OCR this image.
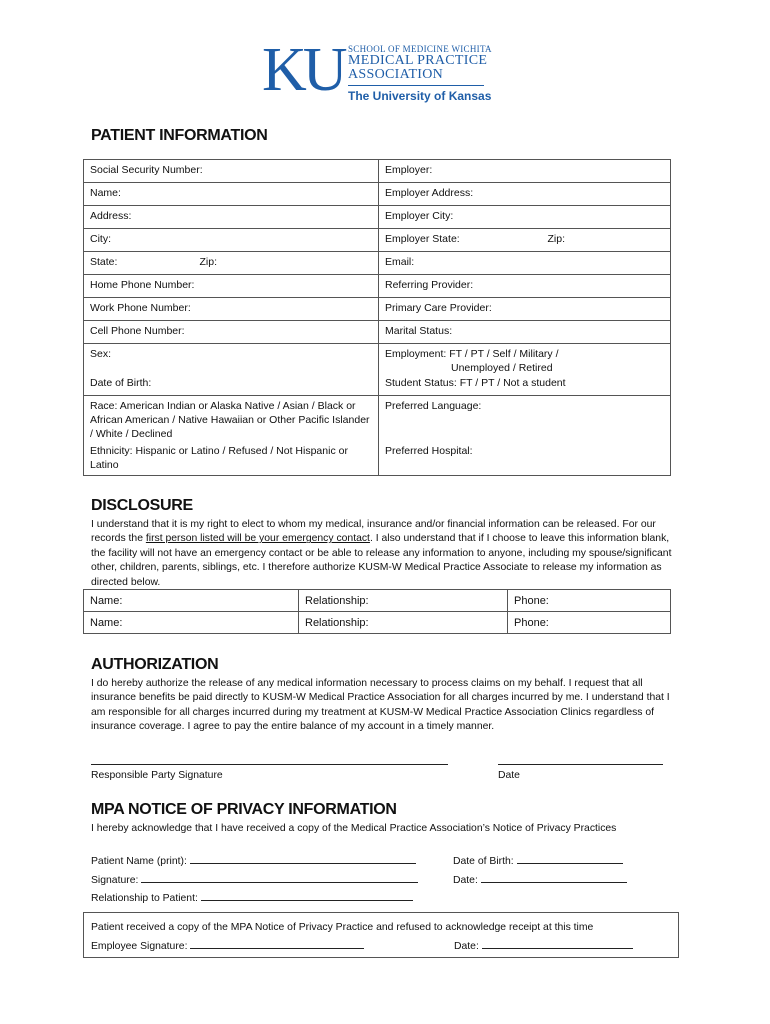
KU SCHOOL OF MEDICINE WICHITA
MEDICAL PRACTICE
ASSOCIATION
The University of Kansas
PATIENT INFORMATION
Social Security Number:	Employer:
Name:	Employer Address:
Address:	Employer City:
City:	Employer State: Zip:

State: Zip:	Email:
Home Phone Number:	Referring Provider:
Work Phone Number:	Primary Care Provider:
Cell Phone Number:	Marital Status:
Sex:	Employment: FT / PT / Self / Military /
Unemployed / Retired

Date of Birth:	Student Status: FT / PT / Not a student
Race: American Indian or Alaska Native / Asian / Black or African American / Native Hawaiian or Other Pacific Islander / White / Declined	Preferred Language:
Ethnicity: Hispanic or Latino / Refused / Not Hispanic or Latino	Preferred Hospital:
DISCLOSURE

I understand that it is my right to elect to whom my medical, insurance and/or financial information can be released. For our records the first person listed will be your emergency contact. I also understand that if I choose to leave this information blank, the facility will not have an emergency contact or be able to release any information to anyone, including my spouse/significant other, children, parents, siblings, etc. I therefore authorize KUSM-W Medical Practice Associate to release my information as directed below.

Name:	Relationship:	Phone:
Name:	Relationship:	Phone:
AUTHORIZATION

I do hereby authorize the release of any medical information necessary to process claims on my behalf. I request that all insurance benefits be paid directly to KUSM-W Medical Practice Association for all charges incurred by me. I understand that I am responsible for all charges incurred during my treatment at KUSM-W Medical Practice Association Clinics regardless of insurance coverage. I agree to pay the entire balance of my account in a timely manner.

Responsible Party Signature	Date
MPA NOTICE OF PRIVACY INFORMATION
I hereby acknowledge that I have received a copy of the Medical Practice Association’s Notice of Privacy Practices
Patient Name (print):	Date of Birth:
Signature:	Date:
Relationship to Patient:
Patient received a copy of the MPA Notice of Privacy Practice and refused to acknowledge receipt at this time
Employee Signature:	Date:
